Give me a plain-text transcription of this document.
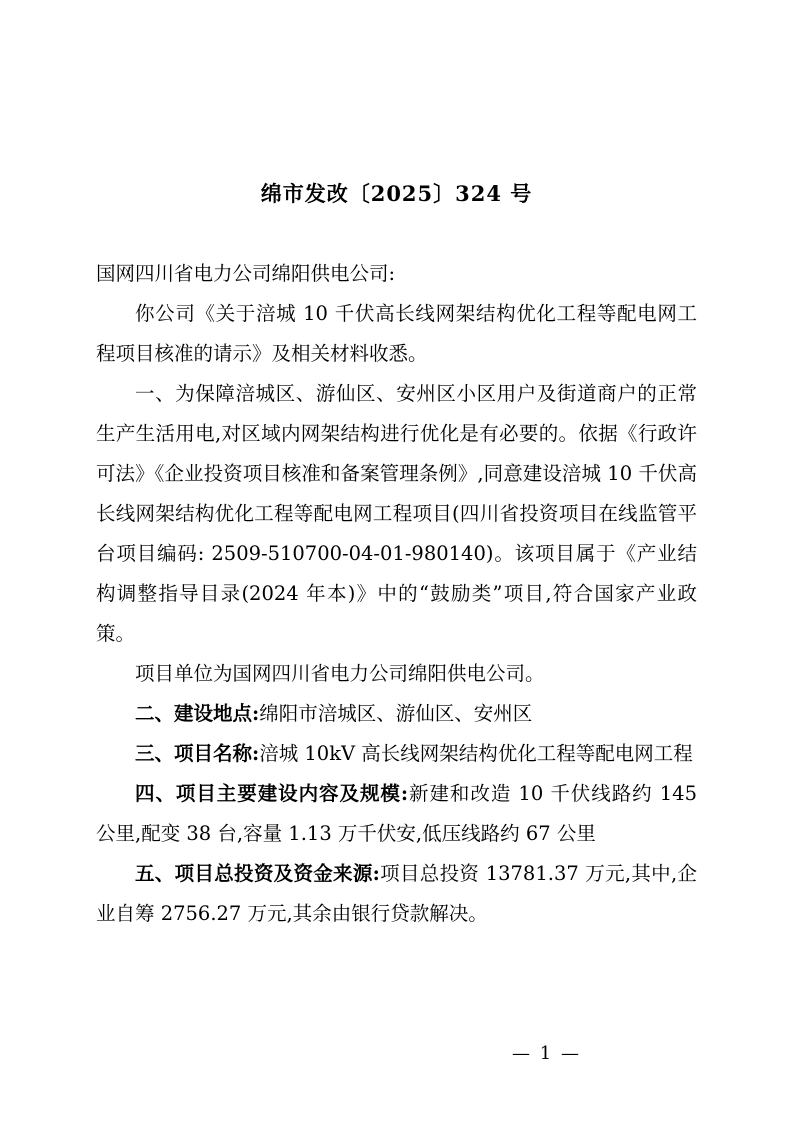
绵市发改〔2025〕324 号

国网四川省电力公司绵阳供电公司:

你公司《关于涪城 10 千伏高长线网架结构优化工程等配电网工程项目核准的请示》及相关材料收悉。

一、为保障涪城区、游仙区、安州区小区用户及街道商户的正常生产生活用电,对区域内网架结构进行优化是有必要的。依据《行政许可法》《企业投资项目核准和备案管理条例》,同意建设涪城 10 千伏高长线网架结构优化工程等配电网工程项目(四川省投资项目在线监管平台项目编码: 2509-510700-04-01-980140)。该项目属于《产业结构调整指导目录(2024 年本)》中的“鼓励类”项目,符合国家产业政策。

项目单位为国网四川省电力公司绵阳供电公司。

二、建设地点:绵阳市涪城区、游仙区、安州区

三、项目名称:涪城 10kV 高长线网架结构优化工程等配电网工程

四、项目主要建设内容及规模:新建和改造 10 千伏线路约 145 公里,配变 38 台,容量 1.13 万千伏安,低压线路约 67 公里

五、项目总投资及资金来源:项目总投资 13781.37 万元,其中,企业自筹 2756.27 万元,其余由银行贷款解决。

— 1 —
